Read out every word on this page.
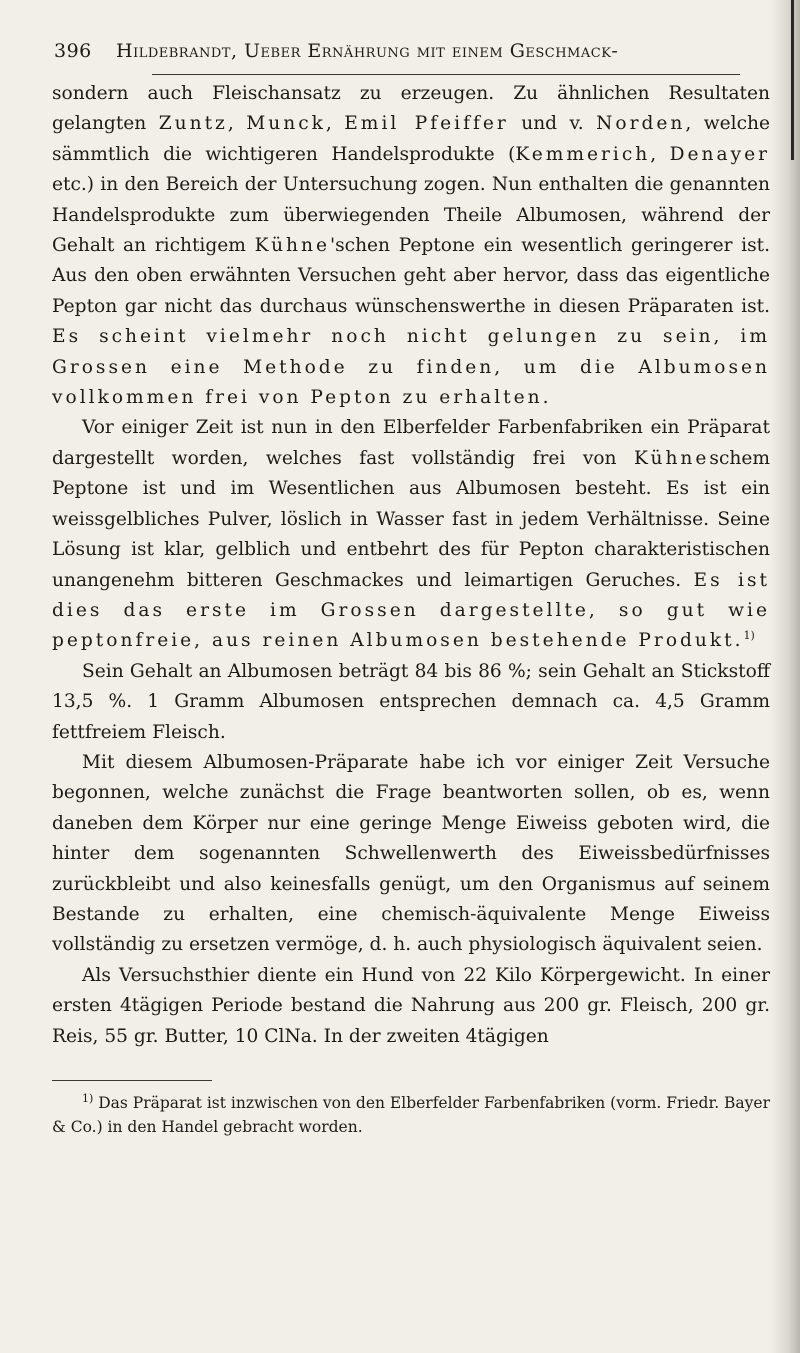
396	Hildebrandt, Ueber Ernährung mit einem Geschmack-

sondern auch Fleischansatz zu erzeugen. Zu ähnlichen Resultaten gelangten Zuntz, Munck, Emil Pfeiffer und v. Norden, welche sämmtlich die wichtigeren Handelsprodukte (Kemmerich, Denayer etc.) in den Bereich der Untersuchung zogen. Nun enthalten die genannten Handelsprodukte zum überwiegenden Theile Albumosen, während der Gehalt an richtigem Kühne'schen Peptone ein wesentlich geringerer ist. Aus den oben erwähnten Versuchen geht aber hervor, dass das eigentliche Pepton gar nicht das durchaus wünschenswerthe in diesen Präparaten ist. Es scheint vielmehr noch nicht gelungen zu sein, im Grossen eine Methode zu finden, um die Albumosen vollkommen frei von Pepton zu erhalten.

Vor einiger Zeit ist nun in den Elberfelder Farbenfabriken ein Präparat dargestellt worden, welches fast vollständig frei von Kühneschem Peptone ist und im Wesentlichen aus Albumosen besteht. Es ist ein weissgelbliches Pulver, löslich in Wasser fast in jedem Verhältnisse. Seine Lösung ist klar, gelblich und entbehrt des für Pepton charakteristischen unangenehm bitteren Geschmackes und leimartigen Geruches. Es ist dies das erste im Grossen dargestellte, so gut wie peptonfreie, aus reinen Albumosen bestehende Produkt.$^{1)}$

Sein Gehalt an Albumosen beträgt 84 bis 86 %; sein Gehalt an Stickstoff 13,5 %. 1 Gramm Albumosen entsprechen demnach ca. 4,5 Gramm fettfreiem Fleisch.

Mit diesem Albumosen-Präparate habe ich vor einiger Zeit Versuche begonnen, welche zunächst die Frage beantworten sollen, ob es, wenn daneben dem Körper nur eine geringe Menge Eiweiss geboten wird, die hinter dem sogenannten Schwellenwerth des Eiweissbedürfnisses zurückbleibt und also keinesfalls genügt, um den Organismus auf seinem Bestande zu erhalten, eine chemisch-äquivalente Menge Eiweiss vollständig zu ersetzen vermöge, d. h. auch physiologisch äquivalent seien.

Als Versuchsthier diente ein Hund von 22 Kilo Körpergewicht. In einer ersten 4tägigen Periode bestand die Nahrung aus 200 gr. Fleisch, 200 gr. Reis, 55 gr. Butter, 10 ClNa. In der zweiten 4tägigen

$^{1)}$ Das Präparat ist inzwischen von den Elberfelder Farbenfabriken (vorm. Friedr. Bayer & Co.) in den Handel gebracht worden.
